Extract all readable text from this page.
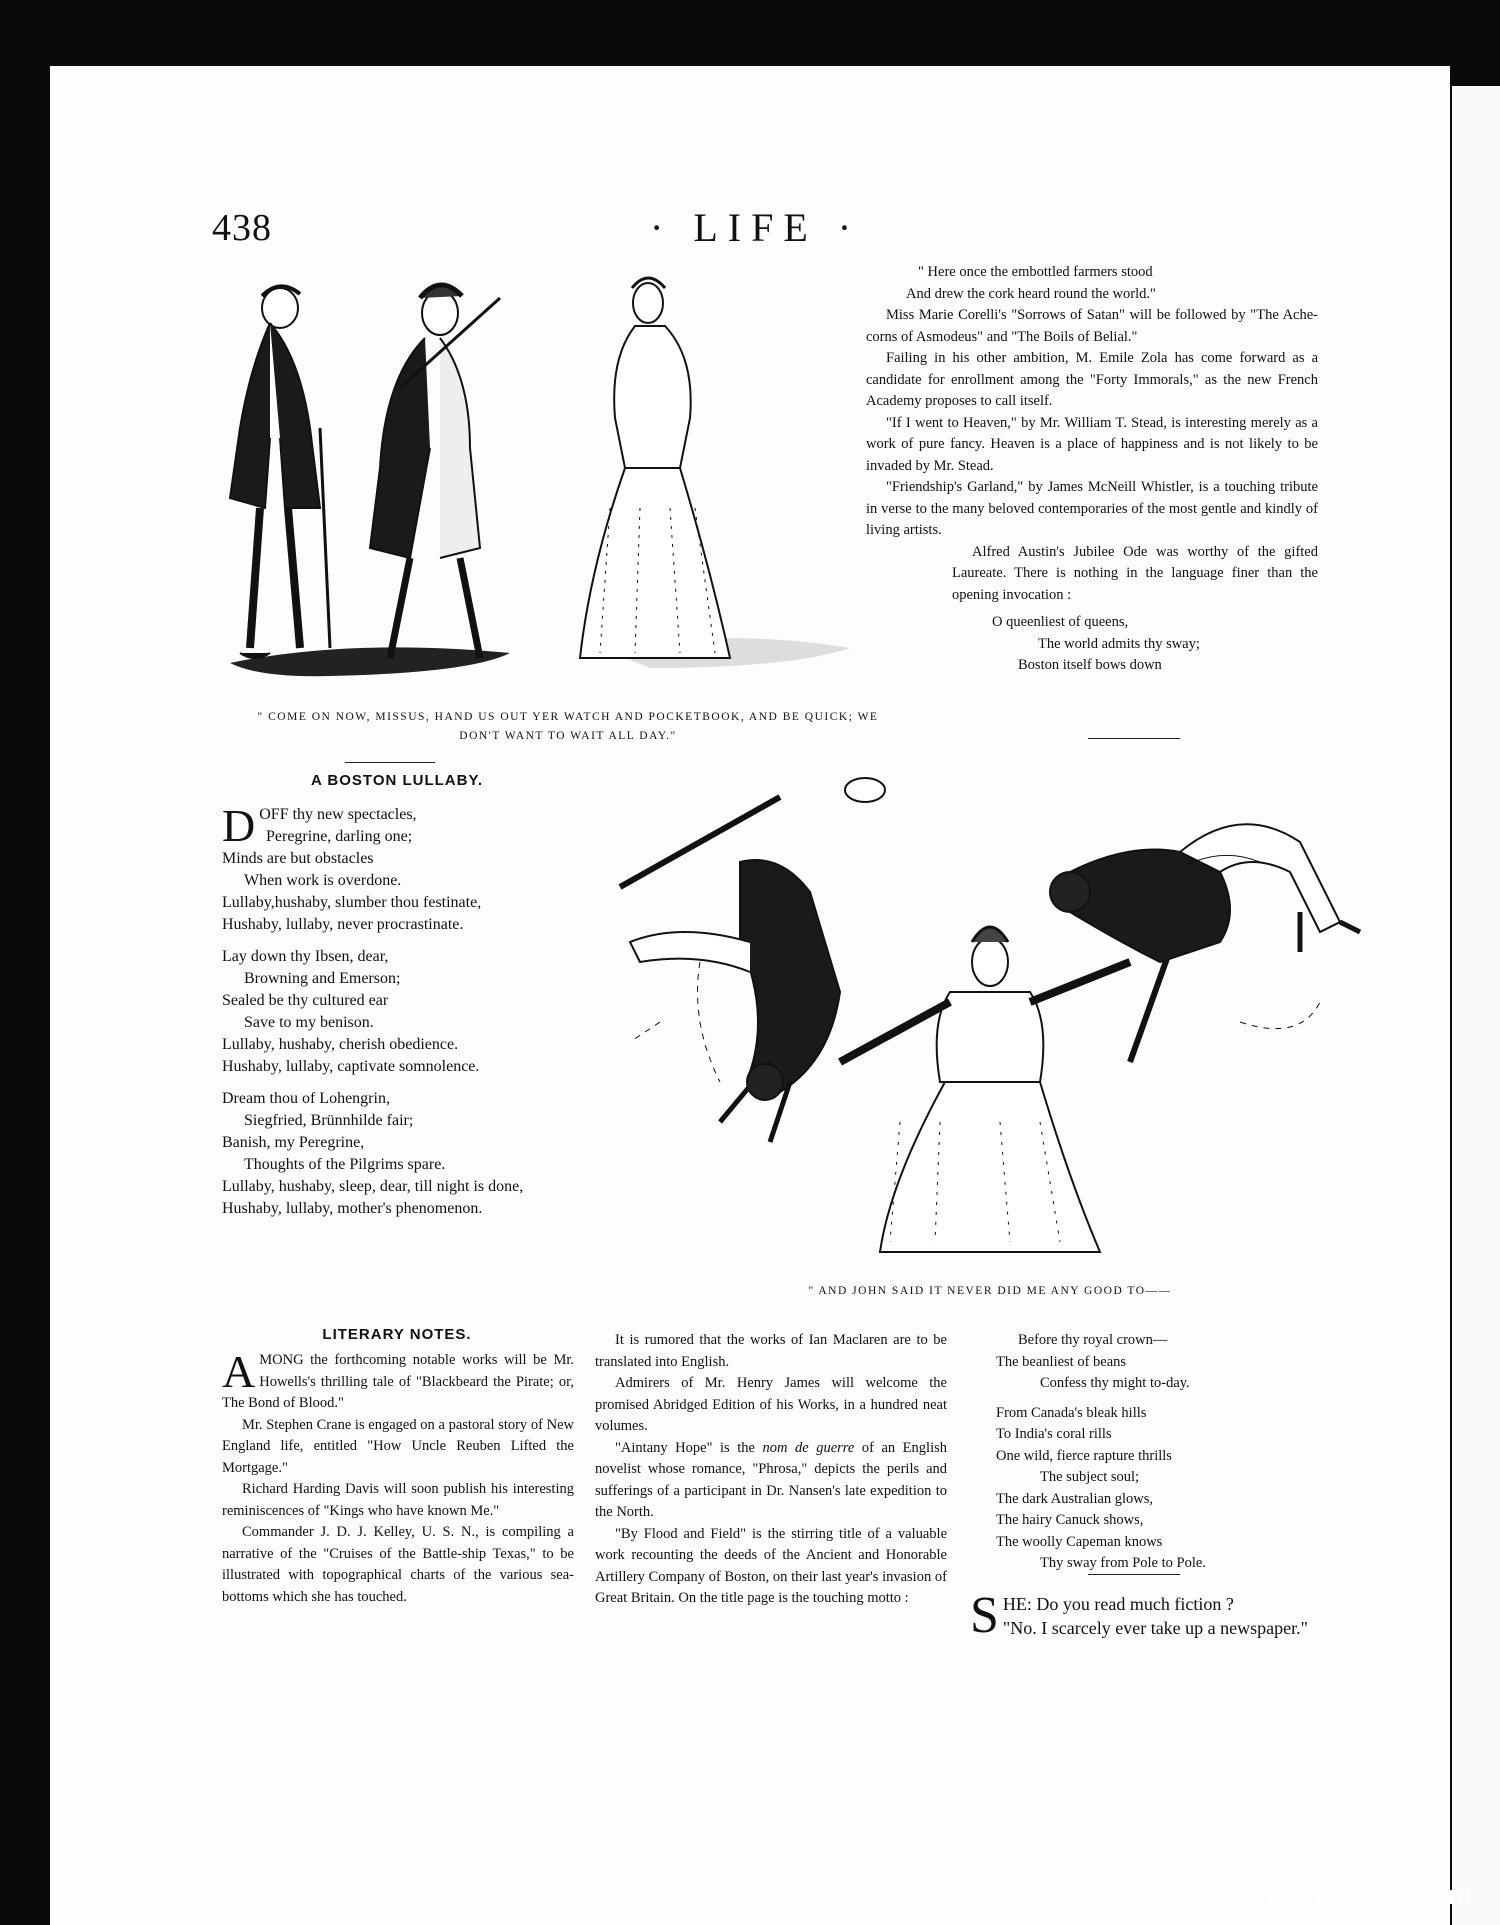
438	· LIFE ·
" COME ON NOW, MISSUS, HAND US OUT YER WATCH AND POCKETBOOK, AND BE QUICK; WE DON'T WANT TO WAIT ALL DAY."
" Here once the embottled farmers stood
And drew the cork heard round the world."

Miss Marie Corelli's "Sorrows of Satan" will be followed by "The Ache-corns of Asmodeus" and "The Boils of Belial."

Failing in his other ambition, M. Emile Zola has come forward as a candidate for enrollment among the "Forty Immorals," as the new French Academy proposes to call itself.

"If I went to Heaven," by Mr. William T. Stead, is interesting merely as a work of pure fancy. Heaven is a place of happiness and is not likely to be invaded by Mr. Stead.

"Friendship's Garland," by James McNeill Whistler, is a touching tribute in verse to the many beloved contemporaries of the most gentle and kindly of living artists.

Alfred Austin's Jubilee Ode was worthy of the gifted Laureate. There is nothing in the language finer than the opening invocation :

O queenliest of queens,
The world admits thy sway;
Boston itself bows down
A BOSTON LULLABY.
DOFF thy new spectacles,
Peregrine, darling one;
Minds are but obstacles
When work is overdone.
Lullaby,hushaby, slumber thou festinate,
Hushaby, lullaby, never procrastinate.
Lay down thy Ibsen, dear,
Browning and Emerson;
Sealed be thy cultured ear
Save to my benison.
Lullaby, hushaby, cherish obedience.
Hushaby, lullaby, captivate somnolence.
Dream thou of Lohengrin,
Siegfried, Brünnhilde fair;
Banish, my Peregrine,
Thoughts of the Pilgrims spare.
Lullaby, hushaby, sleep, dear, till night is done,
Hushaby, lullaby, mother's phenomenon.
" AND JOHN SAID IT NEVER DID ME ANY GOOD TO——
LITERARY NOTES.

AMONG the forthcoming notable works will be Mr. Howells's thrilling tale of "Blackbeard the Pirate; or, The Bond of Blood."

Mr. Stephen Crane is engaged on a pastoral story of New England life, entitled "How Uncle Reuben Lifted the Mortgage."

Richard Harding Davis will soon publish his interesting reminiscences of "Kings who have known Me."

Commander J. D. J. Kelley, U. S. N., is compiling a narrative of the "Cruises of the Battle-ship Texas," to be illustrated with topographical charts of the various sea-bottoms which she has touched.

It is rumored that the works of Ian Maclaren are to be translated into English.

Admirers of Mr. Henry James will welcome the promised Abridged Edition of his Works, in a hundred neat volumes.

"Aintany Hope" is the nom de guerre of an English novelist whose romance, "Phrosa," depicts the perils and sufferings of a participant in Dr. Nansen's late expedition to the North.

"By Flood and Field" is the stirring title of a valuable work recounting the deeds of the Ancient and Honorable Artillery Company of Boston, on their last year's invasion of Great Britain. On the title page is the touching motto :

Before thy royal crown—
The beanliest of beans
Confess thy might to-day.
From Canada's bleak hills
To India's coral rills
One wild, fierce rapture thrills
The subject soul;
The dark Australian glows,
The hairy Canuck shows,
The woolly Capeman knows
Thy sway from Pole to Pole.
S HE: Do you read much fiction ?
"No. I scarcely ever take up a newspaper."
comicbooks.com
